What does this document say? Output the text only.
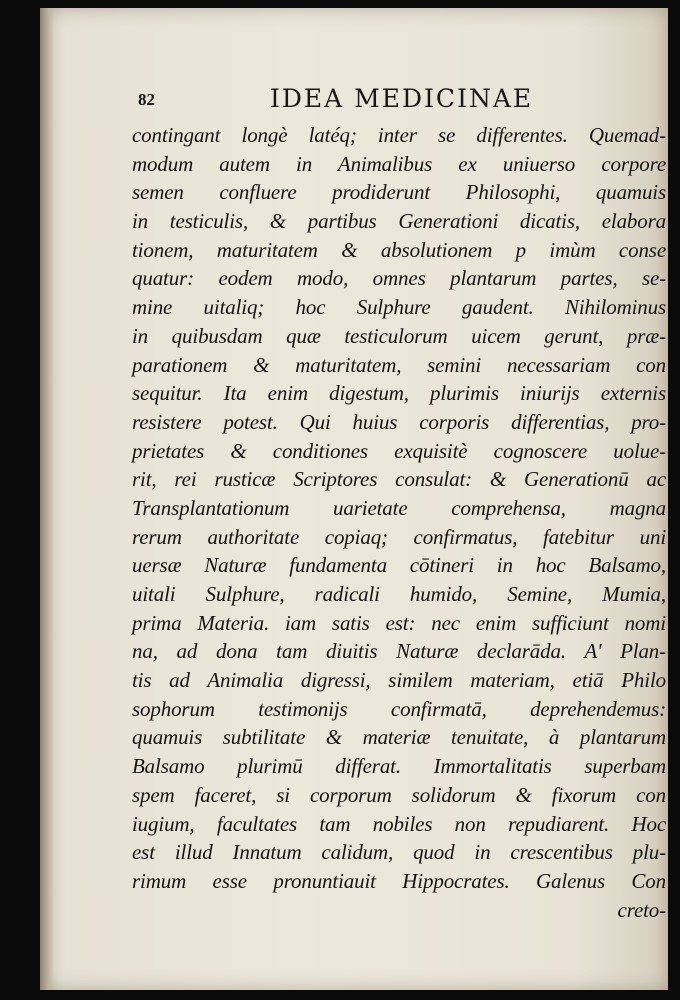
82	IDEA MEDICINAE
contingant longè latéq; inter se differentes. Quemad-
modum autem in Animalibus ex uniuerso corpore
semen confluere prodiderunt Philosophi, quamuis
in testiculis, & partibus Generationi dicatis, elabora
tionem, maturitatem & absolutionem p imùm conse
quatur: eodem modo, omnes plantarum partes, se-
mine uitaliq; hoc Sulphure gaudent. Nihilominus
in quibusdam quæ testiculorum uicem gerunt, præ-
parationem & maturitatem, semini necessariam con
sequitur. Ita enim digestum, plurimis iniurijs externis
resistere potest. Qui huius corporis differentias, pro-
prietates & conditiones exquisitè cognoscere uolue-
rit, rei rusticæ Scriptores consulat: & Generationū ac
Transplantationum uarietate comprehensa, magna
rerum authoritate copiaq; confirmatus, fatebitur uni
uersæ Naturæ fundamenta cōtineri in hoc Balsamo,
uitali Sulphure, radicali humido, Semine, Mumia,
prima Materia. iam satis est: nec enim sufficiunt nomi
na, ad dona tam diuitis Naturæ declarāda. A' Plan-
tis ad Animalia digressi, similem materiam, etiā Philo
sophorum testimonijs confirmatā, deprehendemus:
quamuis subtilitate & materiæ tenuitate, à plantarum
Balsamo plurimū differat. Immortalitatis superbam
spem faceret, si corporum solidorum & fixorum con
iugium, facultates tam nobiles non repudiarent. Hoc
est illud Innatum calidum, quod in crescentibus plu-
rimum esse pronuntiauit Hippocrates. Galenus Con
creto-
